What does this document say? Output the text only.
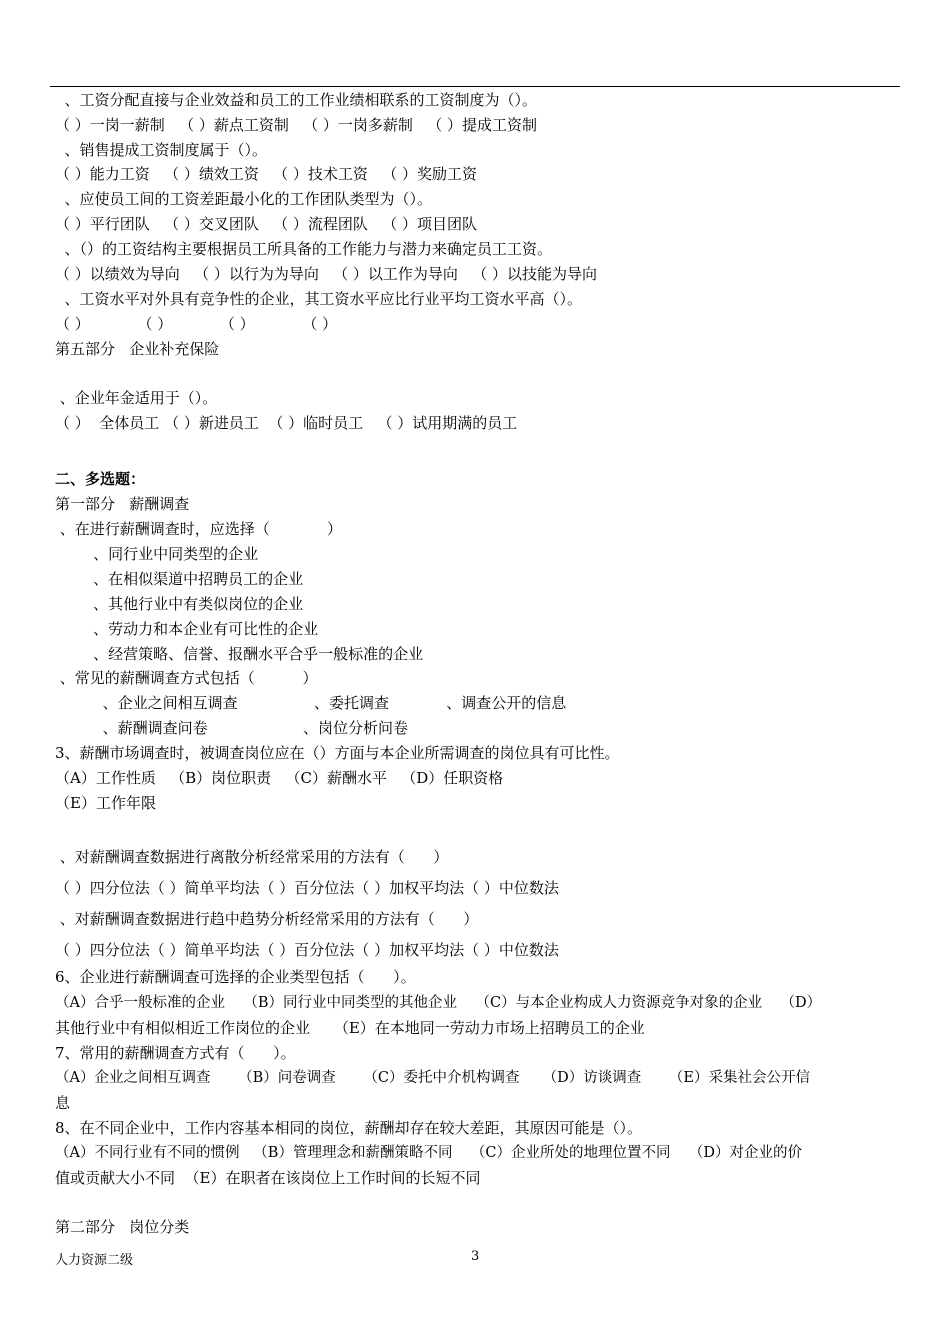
、工资分配直接与企业效益和员工的工作业绩相联系的工资制度为（）。
（ ）一岗一薪制   （ ）薪点工资制   （ ）一岗多薪制   （ ）提成工资制
、销售提成工资制度属于（）。
（ ）能力工资   （ ）绩效工资   （ ）技术工资   （ ）奖励工资
、应使员工间的工资差距最小化的工作团队类型为（）。
（ ）平行团队   （ ）交叉团队   （ ）流程团队   （ ）项目团队
、（）的工资结构主要根据员工所具备的工作能力与潜力来确定员工工资。
（ ）以绩效为导向   （ ）以行为为导向   （ ）以工作为导向   （ ）以技能为导向
、工资水平对外具有竞争性的企业，其工资水平应比行业平均工资水平高（）。
（ ）          （ ）          （ ）          （ ）
第五部分   企业补充保险
、企业年金适用于（）。
（ ）  全体员工 （ ）新进员工  （ ）临时员工   （ ）试用期满的员工
二、多选题：
第一部分   薪酬调查
、在进行薪酬调查时，应选择（            ）
、同行业中同类型的企业
、在相似渠道中招聘员工的企业
、其他行业中有类似岗位的企业
、劳动力和本企业有可比性的企业
、经营策略、信誉、报酬水平合乎一般标准的企业
、常见的薪酬调查方式包括（          ）
、企业之间相互调查                、委托调查            、调查公开的信息
、薪酬调查问卷                    、岗位分析问卷
3、薪酬市场调查时，被调查岗位应在（）方面与本企业所需调查的岗位具有可比性。
（A）工作性质   （B）岗位职责   （C）薪酬水平   （D）任职资格
（E）工作年限
、对薪酬调查数据进行离散分析经常采用的方法有（      ）
（ ）四分位法（ ）简单平均法（ ）百分位法（ ）加权平均法（ ）中位数法
、对薪酬调查数据进行趋中趋势分析经常采用的方法有（      ）
（ ）四分位法（ ）简单平均法（ ）百分位法（ ）加权平均法（ ）中位数法
6、企业进行薪酬调查可选择的企业类型包括（      ）。
（A）合乎一般标准的企业    （B）同行业中同类型的其他企业    （C）与本企业构成人力资源竞争对象的企业    （D）
其他行业中有相似相近工作岗位的企业     （E）在本地同一劳动力市场上招聘员工的企业
7、常用的薪酬调查方式有（      ）。
（A）企业之间相互调查      （B）问卷调查      （C）委托中介机构调查     （D）访谈调查      （E）采集社会公开信
息
8、在不同企业中，工作内容基本相同的岗位，薪酬却存在较大差距，其原因可能是（）。
（A）不同行业有不同的惯例   （B）管理理念和薪酬策略不同    （C）企业所处的地理位置不同    （D）对企业的价
值或贡献大小不同  （E）在职者在该岗位上工作时间的长短不同
第二部分   岗位分类
人力资源二级	3
